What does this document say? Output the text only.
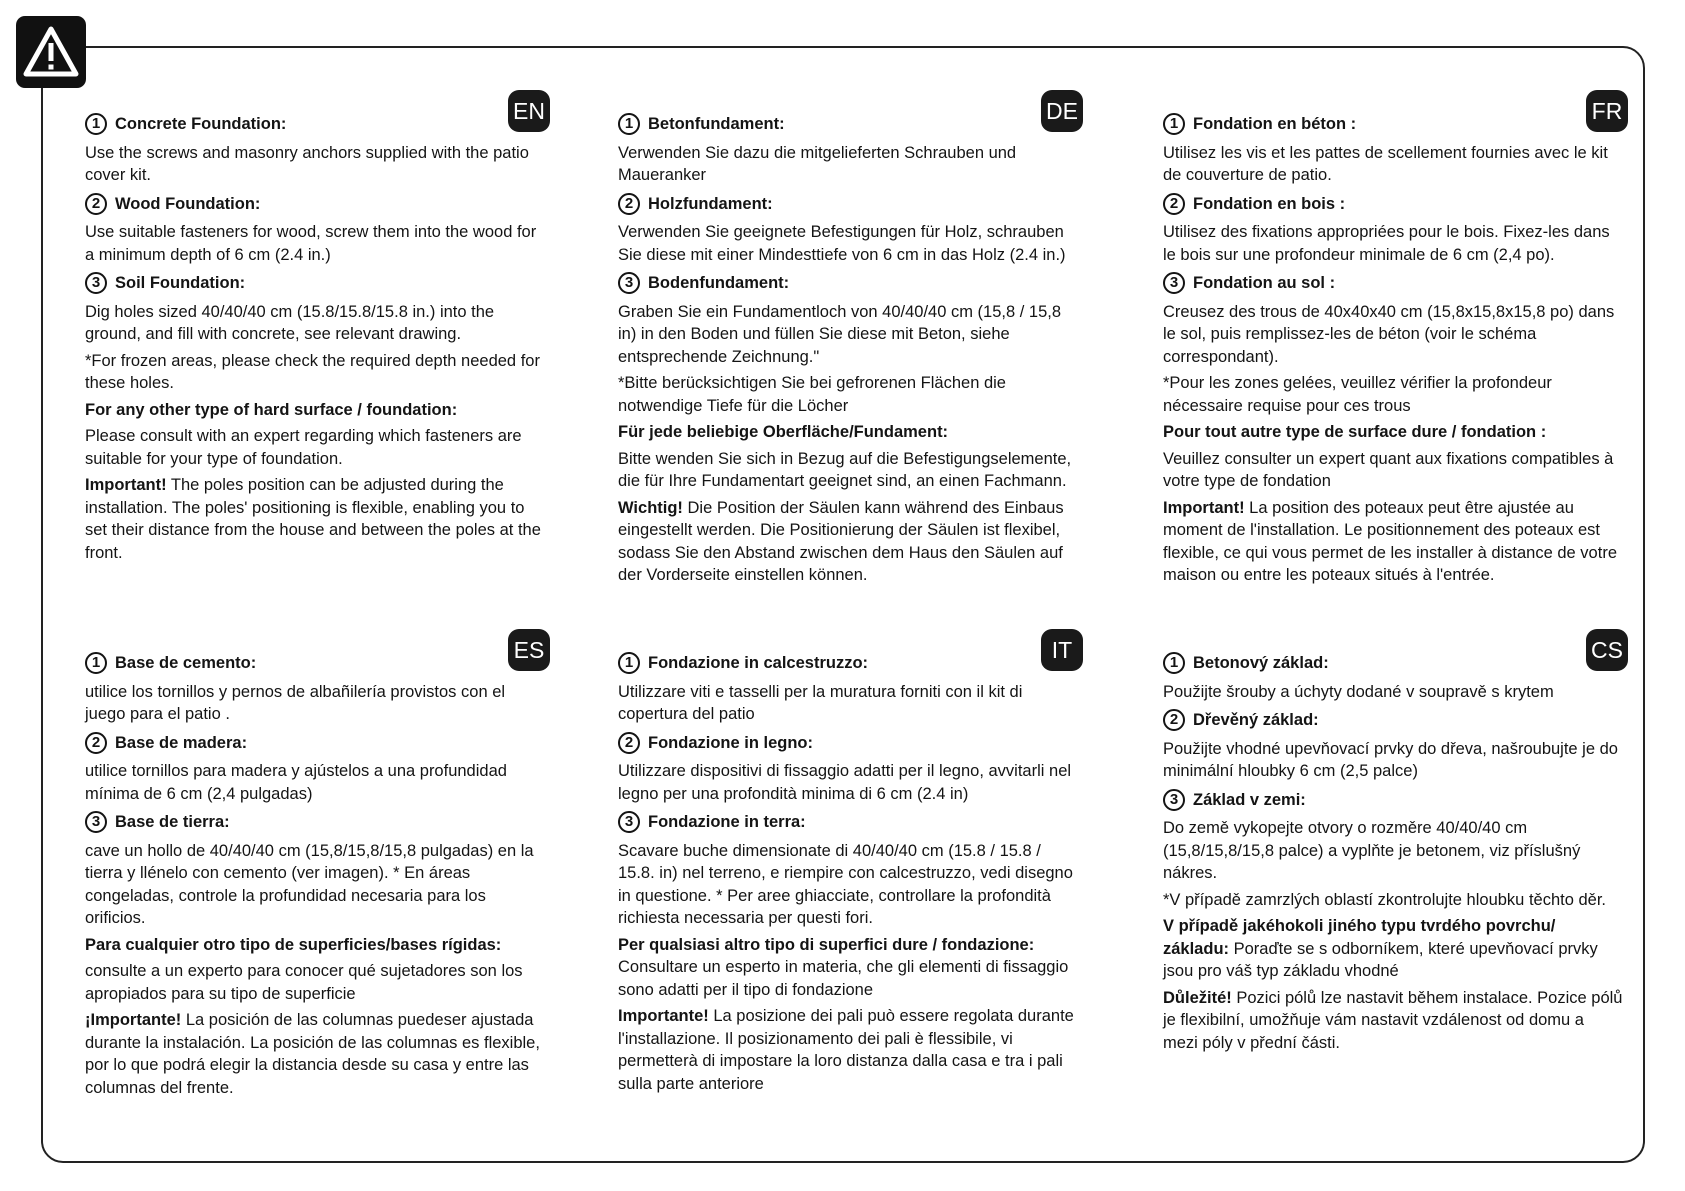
EN
1 Concrete Foundation:
Use the screws and masonry anchors supplied with the patio cover kit.
2 Wood Foundation:
Use suitable fasteners for wood, screw them into the wood for a minimum depth of 6 cm (2.4 in.)
3 Soil Foundation:
Dig holes sized 40/40/40 cm (15.8/15.8/15.8 in.) into the ground, and fill with concrete, see relevant drawing.
*For frozen areas, please check the required depth needed for these holes.
For any other type of hard surface / foundation:
Please consult with an expert regarding which fasteners are suitable for your type of foundation.
Important! The poles position can be adjusted during the installation. The poles' positioning is flexible, enabling you to set their distance from the house and between the poles at the front.
DE
1 Betonfundament:
Verwenden Sie dazu die mitgelieferten Schrauben und Maueranker
2 Holzfundament:
Verwenden Sie geeignete Befestigungen für Holz, schrauben Sie diese mit einer Mindesttiefe von 6 cm in das Holz (2.4 in.)
3 Bodenfundament:
Graben Sie ein Fundamentloch von 40/40/40 cm (15,8 / 15,8 in) in den Boden und füllen Sie diese mit Beton, siehe entsprechende Zeichnung."
*Bitte berücksichtigen Sie bei gefrorenen Flächen die notwendige Tiefe für die Löcher
Für jede beliebige Oberfläche/Fundament:
Bitte wenden Sie sich in Bezug auf die Befestigungselemente, die für Ihre Fundamentart geeignet sind, an einen Fachmann.
Wichtig! Die Position der Säulen kann während des Einbaus eingestellt werden. Die Positionierung der Säulen ist flexibel, sodass Sie den Abstand zwischen dem Haus den Säulen auf der Vorderseite einstellen können.
FR
1 Fondation en béton :
Utilisez les vis et les pattes de scellement fournies avec le kit de couverture de patio.
2 Fondation en bois :
Utilisez des fixations appropriées pour le bois. Fixez-les dans le bois sur une profondeur minimale de 6 cm (2,4 po).
3 Fondation au sol :
Creusez des trous de 40x40x40 cm (15,8x15,8x15,8 po) dans le sol, puis remplissez-les de béton (voir le schéma correspondant).
*Pour les zones gelées, veuillez vérifier la profondeur nécessaire requise pour ces trous
Pour tout autre type de surface dure / fondation :
Veuillez consulter un expert quant aux fixations compatibles à votre type de fondation
Important! La position des poteaux peut être ajustée au moment de l'installation. Le positionnement des poteaux est flexible, ce qui vous permet de les installer à distance de votre maison ou entre les poteaux situés à l'entrée.
ES
1 Base de cemento:
utilice los tornillos y pernos de albañilería provistos con el juego para el patio .
2 Base de madera:
utilice tornillos para madera y ajústelos a una profundidad mínima de 6 cm (2,4 pulgadas)
3 Base de tierra:
cave un hollo de 40/40/40 cm (15,8/15,8/15,8 pulgadas) en la tierra y llénelo con cemento (ver imagen). * En áreas congeladas, controle la profundidad necesaria para los orificios.
Para cualquier otro tipo de superficies/bases rígidas:
consulte a un experto para conocer qué sujetadores son los apropiados para su tipo de superficie
¡Importante! La posición de las columnas puedeser ajustada durante la instalación. La posición de las columnas es flexible, por lo que podrá elegir la distancia desde su casa y entre las columnas del frente.
IT
1 Fondazione in calcestruzzo:
Utilizzare viti e tasselli per la muratura forniti con il kit di copertura del patio
2 Fondazione in legno:
Utilizzare dispositivi di fissaggio adatti per il legno, avvitarli nel legno per una profondità minima di 6 cm (2.4 in)
3 Fondazione in terra:
Scavare buche dimensionate di 40/40/40 cm (15.8 / 15.8 / 15.8. in) nel terreno, e riempire con calcestruzzo, vedi disegno in questione. * Per aree ghiacciate, controllare la profondità richiesta necessaria per questi fori.
Per qualsiasi altro tipo di superfici dure / fondazione:
Consultare un esperto in materia, che gli elementi di fissaggio sono adatti per il tipo di fondazione
Importante! La posizione dei pali può essere regolata durante l'installazione. Il posizionamento dei pali è flessibile, vi permetterà di impostare la loro distanza dalla casa e tra i pali sulla parte anteriore
CS
1 Betonový základ:
Použijte šrouby a úchyty dodané v soupravě s krytem
2 Dřevěný základ:
Použijte vhodné upevňovací prvky do dřeva, našroubujte je do minimální hloubky 6 cm (2,5 palce)
3 Základ v zemi:
Do země vykopejte otvory o rozměre 40/40/40 cm (15,8/15,8/15,8 palce) a vyplňte je betonem, viz příslušný nákres.
*V případě zamrzlých oblastí zkontrolujte hloubku těchto děr.
V případě jakéhokoli jiného typu tvrdého povrchu/ základu: Poraďte se s odborníkem, které upevňovací prvky jsou pro váš typ základu vhodné
Důležité! Pozici pólů lze nastavit během instalace. Pozice pólů je flexibilní, umožňuje vám nastavit vzdálenost od domu a mezi póly v přední části.
